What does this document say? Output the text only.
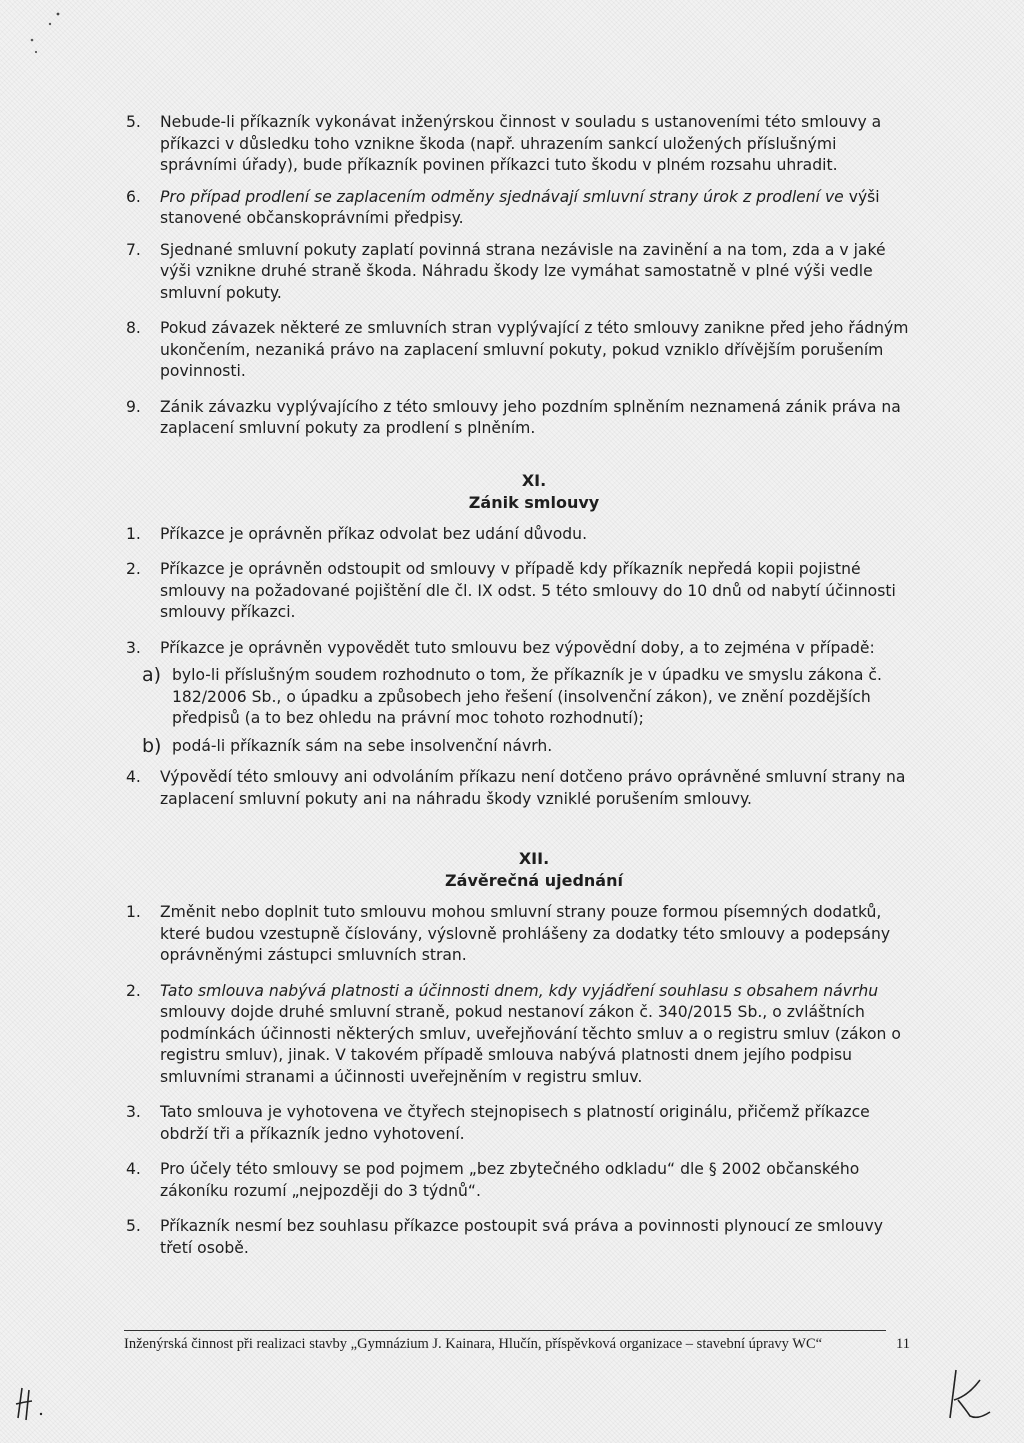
5. Nebude-li příkazník vykonávat inženýrskou činnost v souladu s ustanoveními této smlouvy a příkazci v důsledku toho vznikne škoda (např. uhrazením sankcí uložených příslušnými správními úřady), bude příkazník povinen příkazci tuto škodu v plném rozsahu uhradit.
6. Pro případ prodlení se zaplacením odměny sjednávají smluvní strany úrok z prodlení ve výši stanovené občanskoprávními předpisy.
7. Sjednané smluvní pokuty zaplatí povinná strana nezávisle na zavinění a na tom, zda a v jaké výši vznikne druhé straně škoda. Náhradu škody lze vymáhat samostatně v plné výši vedle smluvní pokuty.
8. Pokud závazek některé ze smluvních stran vyplývající z této smlouvy zanikne před jeho řádným ukončením, nezaniká právo na zaplacení smluvní pokuty, pokud vzniklo dřívějším porušením povinnosti.
9. Zánik závazku vyplývajícího z této smlouvy jeho pozdním splněním neznamená zánik práva na zaplacení smluvní pokuty za prodlení s plněním.
XI.
Zánik smlouvy
1. Příkazce je oprávněn příkaz odvolat bez udání důvodu.
2. Příkazce je oprávněn odstoupit od smlouvy v případě kdy příkazník nepředá kopii pojistné smlouvy na požadované pojištění dle čl. IX odst. 5 této smlouvy do 10 dnů od nabytí účinnosti smlouvy příkazci.
3. Příkazce je oprávněn vypovědět tuto smlouvu bez výpovědní doby, a to zejména v případě:
a) bylo-li příslušným soudem rozhodnuto o tom, že příkazník je v úpadku ve smyslu zákona č. 182/2006 Sb., o úpadku a způsobech jeho řešení (insolvenční zákon), ve znění pozdějších předpisů (a to bez ohledu na právní moc tohoto rozhodnutí);
b) podá-li příkazník sám na sebe insolvenční návrh.
4. Výpovědí této smlouvy ani odvoláním příkazu není dotčeno právo oprávněné smluvní strany na zaplacení smluvní pokuty ani na náhradu škody vzniklé porušením smlouvy.
XII.
Závěrečná ujednání
1. Změnit nebo doplnit tuto smlouvu mohou smluvní strany pouze formou písemných dodatků, které budou vzestupně číslovány, výslovně prohlášeny za dodatky této smlouvy a podepsány oprávněnými zástupci smluvních stran.
2. Tato smlouva nabývá platnosti a účinnosti dnem, kdy vyjádření souhlasu s obsahem návrhu smlouvy dojde druhé smluvní straně, pokud nestanoví zákon č. 340/2015 Sb., o zvláštních podmínkách účinnosti některých smluv, uveřejňování těchto smluv a o registru smluv (zákon o registru smluv), jinak. V takovém případě smlouva nabývá platnosti dnem jejího podpisu smluvními stranami a účinnosti uveřejněním v registru smluv.
3. Tato smlouva je vyhotovena ve čtyřech stejnopisech s platností originálu, přičemž příkazce obdrží tři a příkazník jedno vyhotovení.
4. Pro účely této smlouvy se pod pojmem „bez zbytečného odkladu“ dle § 2002 občanského zákoníku rozumí „nejpozději do 3 týdnů“.
5. Příkazník nesmí bez souhlasu příkazce postoupit svá práva a povinnosti plynoucí ze smlouvy třetí osobě.
Inženýrská činnost při realizaci stavby „Gymnázium J. Kainara, Hlučín, příspěvková organizace – stavební úpravy WC“	11
